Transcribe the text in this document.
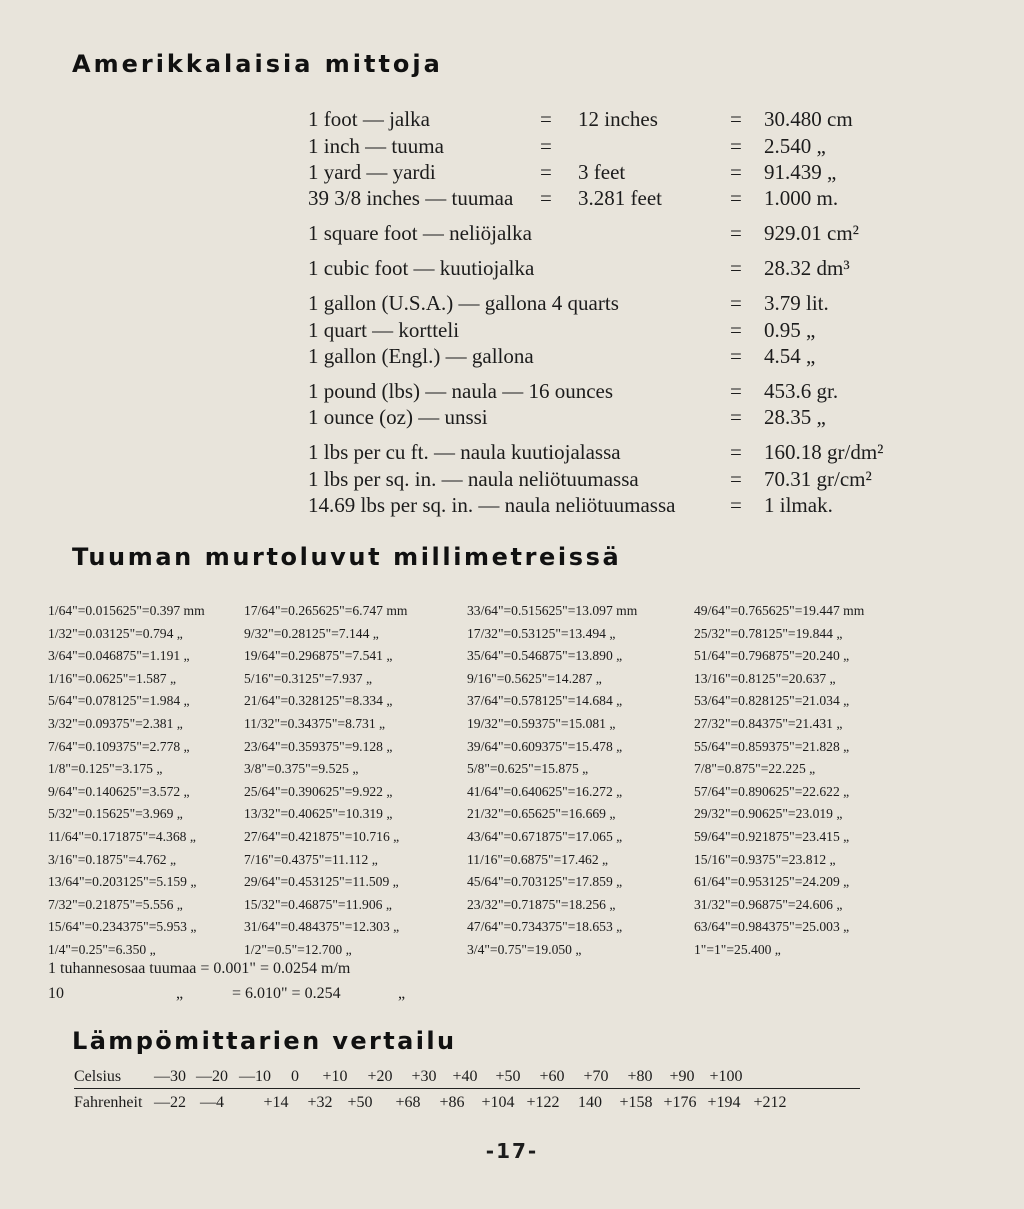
Amerikkalaisia mittoja
1 foot — jalka	= 12 inches	= 30.480 cm
1 inch — tuuma	=	= 2.540 „
1 yard — yardi	= 3 feet	= 91.439 „
39 3/8 inches — tuumaa = 3.281 feet	= 1.000 m.
1 square foot — neliöjalka	= 929.01 cm²
1 cubic foot — kuutiojalka	= 28.32 dm³
1 gallon (U.S.A.) — gallona 4 quarts	= 3.79 lit.
1 quart — kortteli	= 0.95 „
1 gallon (Engl.) — gallona	= 4.54 „
1 pound (lbs) — naula — 16 ounces	= 453.6 gr.
1 ounce (oz) — unssi	= 28.35 „
1 lbs per cu ft. — naula kuutiojalassa	= 160.18 gr/dm²
1 lbs per sq. in. — naula neliötuumassa	= 70.31 gr/cm²
14.69 lbs per sq. in. — naula neliötuumassa	= 1 ilmak.
Tuuman murtoluvut millimetreissä
1/64"=0.015625"=0.397 mm	17/64"=0.265625"=6.747 mm	33/64"=0.515625"=13.097 mm	49/64"=0.765625"=19.447 mm
1/32"=0.03125"=0.794 „	9/32"=0.28125"=7.144 „	17/32"=0.53125"=13.494 „	25/32"=0.78125"=19.844 „
3/64"=0.046875"=1.191 „	19/64"=0.296875"=7.541 „	35/64"=0.546875"=13.890 „	51/64"=0.796875"=20.240 „
1/16"=0.0625"=1.587 „	5/16"=0.3125"=7.937 „	9/16"=0.5625"=14.287 „	13/16"=0.8125"=20.637 „
5/64"=0.078125"=1.984 „	21/64"=0.328125"=8.334 „	37/64"=0.578125"=14.684 „	53/64"=0.828125"=21.034 „
3/32"=0.09375"=2.381 „	11/32"=0.34375"=8.731 „	19/32"=0.59375"=15.081 „	27/32"=0.84375"=21.431 „
7/64"=0.109375"=2.778 „	23/64"=0.359375"=9.128 „	39/64"=0.609375"=15.478 „	55/64"=0.859375"=21.828 „
1/8"=0.125"=3.175 „	3/8"=0.375"=9.525 „	5/8"=0.625"=15.875 „	7/8"=0.875"=22.225 „
9/64"=0.140625"=3.572 „	25/64"=0.390625"=9.922 „	41/64"=0.640625"=16.272 „	57/64"=0.890625"=22.622 „
5/32"=0.15625"=3.969 „	13/32"=0.40625"=10.319 „	21/32"=0.65625"=16.669 „	29/32"=0.90625"=23.019 „
11/64"=0.171875"=4.368 „	27/64"=0.421875"=10.716 „	43/64"=0.671875"=17.065 „	59/64"=0.921875"=23.415 „
3/16"=0.1875"=4.762 „	7/16"=0.4375"=11.112 „	11/16"=0.6875"=17.462 „	15/16"=0.9375"=23.812 „
13/64"=0.203125"=5.159 „	29/64"=0.453125"=11.509 „	45/64"=0.703125"=17.859 „	61/64"=0.953125"=24.209 „
7/32"=0.21875"=5.556 „	15/32"=0.46875"=11.906 „	23/32"=0.71875"=18.256 „	31/32"=0.96875"=24.606 „
15/64"=0.234375"=5.953 „	31/64"=0.484375"=12.303 „	47/64"=0.734375"=18.653 „	63/64"=0.984375"=25.003 „
1/4"=0.25"=6.350 „	1/2"=0.5"=12.700 „	3/4"=0.75"=19.050 „	1"=1"=25.400 „
1 tuhannesosaa tuumaa = 0.001" = 0.0254 m/m
10	„	= 6.010" = 0.254	„
Lämpömittarien vertailu
Celsius	—30 —20 —10	0	+10	+20	+30 +40	+50	+60	+70	+80	+90 +100
Fahrenheit —22 —4	+14	+32 +50	+68	+86	+104 +122	140	+158 +176 +194 +212
-17-
